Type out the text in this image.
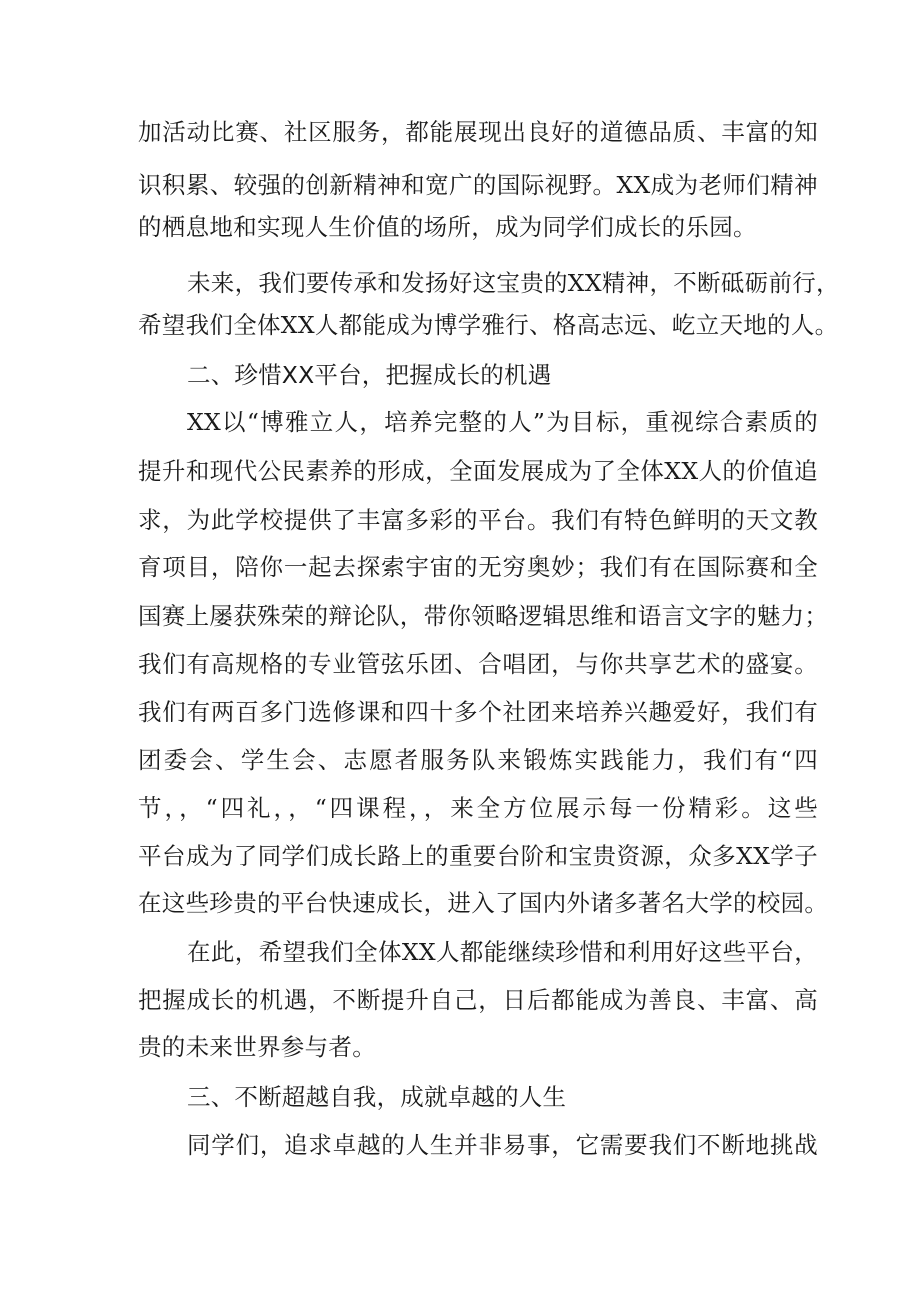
加活动比赛、社区服务，都能展现出良好的道德品质、丰富的知
识积累、较强的创新精神和宽广的国际视野。XX成为老师们精神
的栖息地和实现人生价值的场所，成为同学们成长的乐园。
未来，我们要传承和发扬好这宝贵的XX精神，不断砥砺前行，
希望我们全体XX人都能成为博学雅行、格高志远、屹立天地的人。
二、珍惜XX平台，把握成长的机遇
XX以“博雅立人，培养完整的人”为目标，重视综合素质的
提升和现代公民素养的形成，全面发展成为了全体XX人的价值追
求，为此学校提供了丰富多彩的平台。我们有特色鲜明的天文教
育项目，陪你一起去探索宇宙的无穷奥妙；我们有在国际赛和全
国赛上屡获殊荣的辩论队，带你领略逻辑思维和语言文字的魅力；
我们有高规格的专业管弦乐团、合唱团，与你共享艺术的盛宴。
我们有两百多门选修课和四十多个社团来培养兴趣爱好，我们有
团委会、学生会、志愿者服务队来锻炼实践能力，我们有“四
节，，“四礼，，“四课程，，来全方位展示每一份精彩。这些
平台成为了同学们成长路上的重要台阶和宝贵资源，众多XX学子
在这些珍贵的平台快速成长，进入了国内外诸多著名大学的校园。
在此，希望我们全体XX人都能继续珍惜和利用好这些平台，
把握成长的机遇，不断提升自己，日后都能成为善良、丰富、高
贵的未来世界参与者。
三、不断超越自我，成就卓越的人生
同学们，追求卓越的人生并非易事，它需要我们不断地挑战
